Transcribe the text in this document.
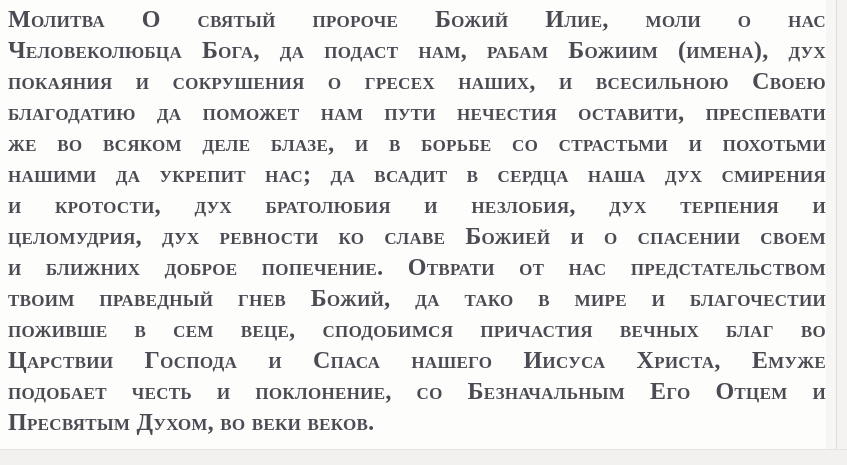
Молитва О святый пророче Божий Илие, моли о нас
Человеколюбца Бога, да подаст нам, рабам Божиим (имена), дух
покаяния и сокрушения о гресех наших, и всесильною Своею
благодатию да поможет нам пути нечестия оставити, преспевати
же во всяком деле блазе, и в борьбе со страстьми и похотьми
нашими да укрепит нас; да всадит в сердца наша дух смирения
и кротости, дух братолюбия и незлобия, дух терпения и
целомудрия, дух ревности ко славе Божией и о спасении своем
и ближних доброе попечение. Отврати от нас предстательством
твоим праведный гнев Божий, да тако в мире и благочестии
пожившe в сем веце, сподобимся причастия вечных благ во
Царствии Господа и Спаса нашего Иисуса Христа, Емуже
подобает честь и поклонение, со Безначальным Его Отцем и
Пресвятым Духом, во веки веков.
